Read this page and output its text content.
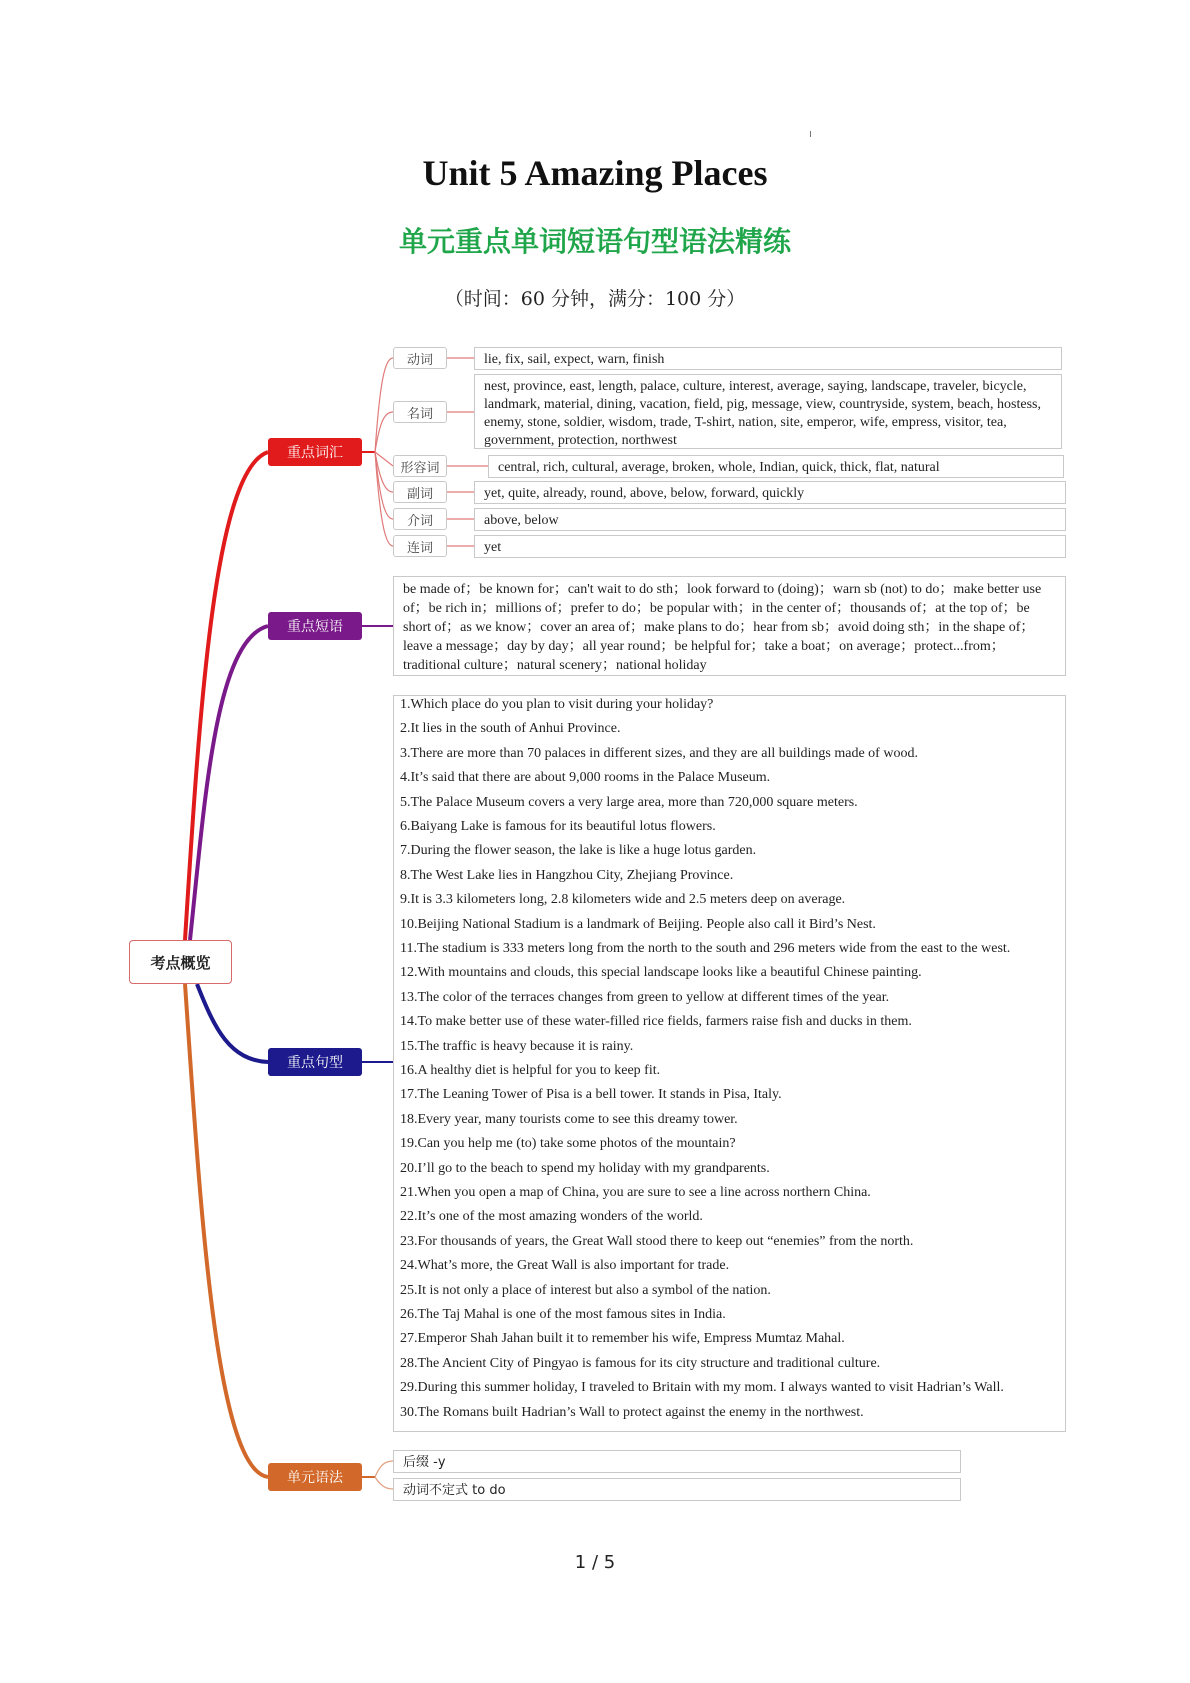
Unit 5 Amazing Places
单元重点单词短语句型语法精练
（时间：60 分钟，满分：100 分）
考点概览
重点词汇
重点短语
重点句型
单元语法
动词
名词
形容词
副词
介词
连词
lie, fix, sail, expect, warn, finish
nest, province, east, length, palace, culture, interest, average, saying, landscape, traveler, bicycle, landmark, material, dining, vacation, field, pig, message, view, countryside, system, beach, hostess, enemy, stone, soldier, wisdom, trade, T-shirt, nation, site, emperor, wife, empress, visitor, tea, government, protection, northwest
central, rich, cultural, average, broken, whole, Indian, quick, thick, flat, natural
yet, quite, already, round, above, below, forward, quickly
above, below
yet
be made of；be known for；can't wait to do sth；look forward to (doing)；warn sb (not) to do；make better use of；be rich in；millions of；prefer to do；be popular with；in the center of；thousands of；at the top of；be short of；as we know；cover an area of；make plans to do；hear from sb；avoid doing sth；in the shape of；leave a message；day by day；all year round；be helpful for；take a boat；on average；protect...from；traditional culture；natural scenery；national holiday
1.Which place do you plan to visit during your holiday?
2.It lies in the south of Anhui Province.
3.There are more than 70 palaces in different sizes, and they are all buildings made of wood.
4.It’s said that there are about 9,000 rooms in the Palace Museum.
5.The Palace Museum covers a very large area, more than 720,000 square meters.
6.Baiyang Lake is famous for its beautiful lotus flowers.
7.During the flower season, the lake is like a huge lotus garden.
8.The West Lake lies in Hangzhou City, Zhejiang Province.
9.It is 3.3 kilometers long, 2.8 kilometers wide and 2.5 meters deep on average.
10.Beijing National Stadium is a landmark of Beijing. People also call it Bird’s Nest.
11.The stadium is 333 meters long from the north to the south and 296 meters wide from the east to the west.
12.With mountains and clouds, this special landscape looks like a beautiful Chinese painting.
13.The color of the terraces changes from green to yellow at different times of the year.
14.To make better use of these water-filled rice fields, farmers raise fish and ducks in them.
15.The traffic is heavy because it is rainy.
16.A healthy diet is helpful for you to keep fit.
17.The Leaning Tower of Pisa is a bell tower. It stands in Pisa, Italy.
18.Every year, many tourists come to see this dreamy tower.
19.Can you help me (to) take some photos of the mountain?
20.I’ll go to the beach to spend my holiday with my grandparents.
21.When you open a map of China, you are sure to see a line across northern China.
22.It’s one of the most amazing wonders of the world.
23.For thousands of years, the Great Wall stood there to keep out “enemies” from the north.
24.What’s more, the Great Wall is also important for trade.
25.It is not only a place of interest but also a symbol of the nation.
26.The Taj Mahal is one of the most famous sites in India.
27.Emperor Shah Jahan built it to remember his wife, Empress Mumtaz Mahal.
28.The Ancient City of Pingyao is famous for its city structure and traditional culture.
29.During this summer holiday, I traveled to Britain with my mom. I always wanted to visit Hadrian’s Wall.
30.The Romans built Hadrian’s Wall to protect against the enemy in the northwest.
后缀 -y
动词不定式 to do
1 / 5
